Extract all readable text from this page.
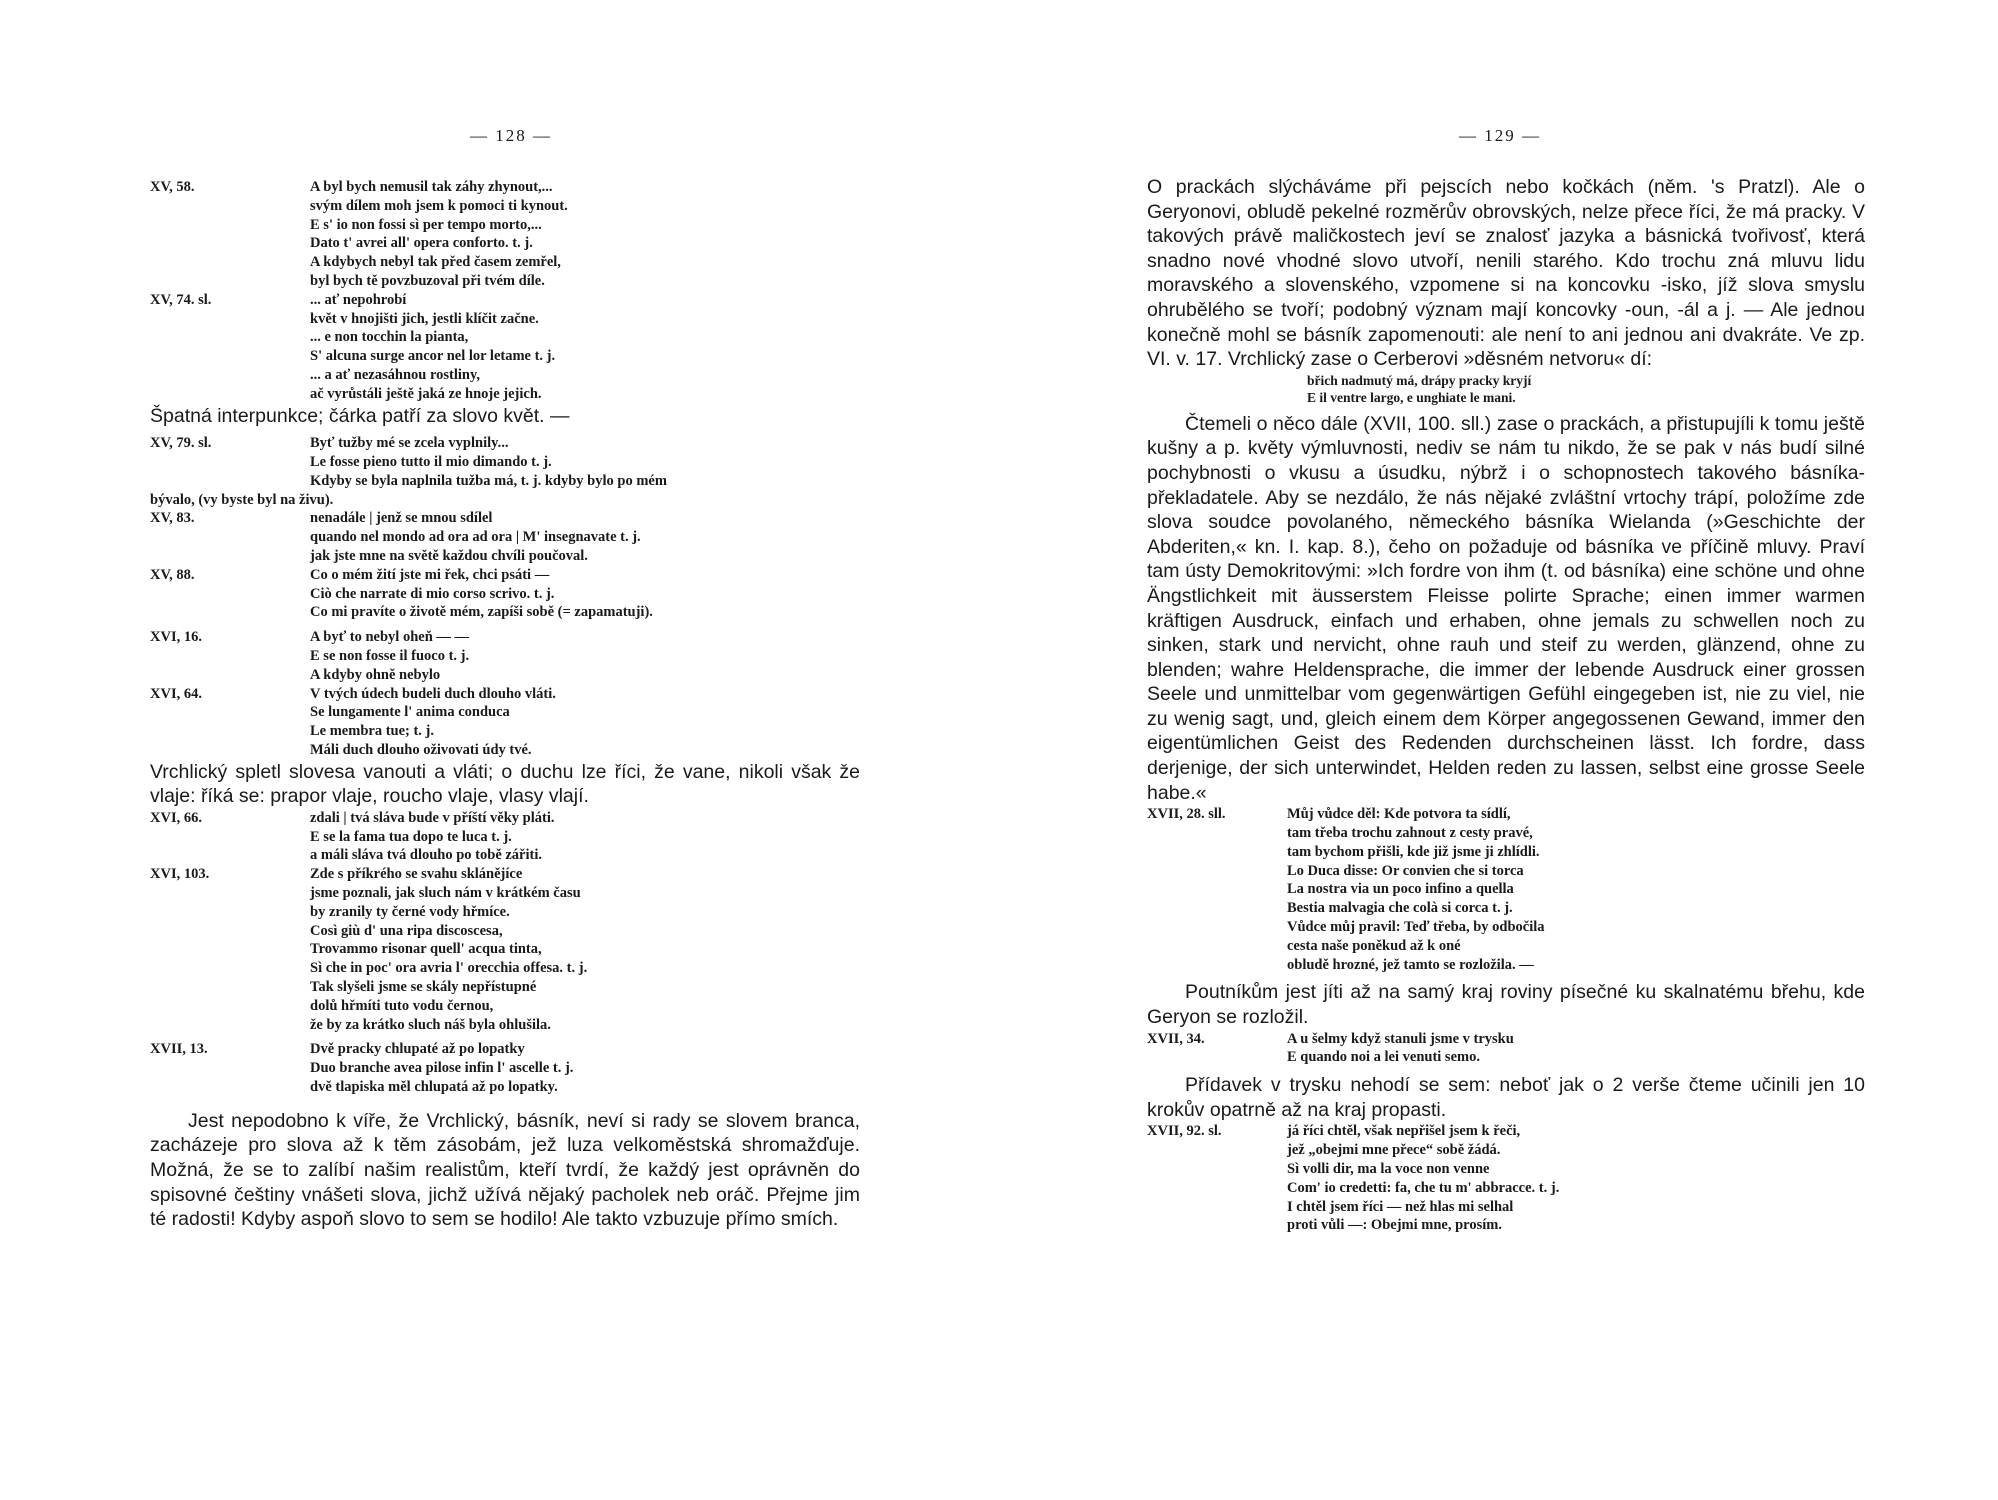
— 128 —
XV, 58.	A byl bych nemusil tak záhy zhynout,...
svým dílem moh jsem k pomoci ti kynout.
E s' io non fossi sì per tempo morto,...
Dato t' avrei all' opera conforto. t. j.
A kdybych nebyl tak před časem zemřel,
byl bych tě povzbuzoval při tvém díle.
XV, 74. sl.	... ať nepohrobí
květ v hnojišti jich, jestli klíčit začne.
... e non tocchin la pianta,
S' alcuna surge ancor nel lor letame t. j.
... a ať nezasáhnou rostliny,
ač vyrůstáli ještě jaká ze hnoje jejich.

Špatná interpunkce; čárka patří za slovo květ. —

XV, 79. sl.	Byť tužby mé se zcela vyplnily...
Le fosse pieno tutto il mio dimando t. j.
Kdyby se byla naplnila tužba má, t. j. kdyby bylo po mém
bývalo, (vy byste byl na živu).
XV, 83.	nenadále | jenž se mnou sdílel
quando nel mondo ad ora ad ora | M' insegnavate t. j.
jak jste mne na světě každou chvíli poučoval.
XV, 88.	Co o mém žití jste mi řek, chci psáti —
Ciò che narrate di mio corso scrivo. t. j.
Co mi pravíte o životě mém, zapíši sobě (= zapamatuji).
XVI, 16.	A byť to nebyl oheň — —
E se non fosse il fuoco t. j.
A kdyby ohně nebylo
XVI, 64.	V tvých údech budeli duch dlouho vláti.
Se lungamente l' anima conduca
Le membra tue; t. j.
Máli duch dlouho oživovati údy tvé.

Vrchlický spletl slovesa vanouti a vláti; o duchu lze říci, že vane, nikoli však že vlaje: říká se: prapor vlaje, roucho vlaje, vlasy vlají.

XVI, 66.	zdali | tvá sláva bude v příští věky pláti.
E se la fama tua dopo te luca t. j.
a máli sláva tvá dlouho po tobě zářiti.
XVI, 103.	Zde s příkrého se svahu sklánějíce
jsme poznali, jak sluch nám v krátkém času
by zranily ty černé vody hřmíce.
Così giù d' una ripa discoscesa,
Trovammo risonar quell' acqua tinta,
Sì che in poc' ora avria l' orecchia offesa. t. j.
Tak slyšeli jsme se skály nepřístupné
dolů hřmíti tuto vodu černou,
že by za krátko sluch náš byla ohlušila.
XVII, 13.	Dvě pracky chlupaté až po lopatky
Duo branche avea pilose infin l' ascelle t. j.
dvě tlapiska měl chlupatá až po lopatky.

Jest nepodobno k víře, že Vrchlický, básník, neví si rady se slovem branca, zacházeje pro slova až k těm zásobám, jež luza velkoměstská shromažďuje. Možná, že se to zalíbí našim realistům, kteří tvrdí, že každý jest oprávněn do spisovné češtiny vnášeti slova, jichž užívá nějaký pacholek neb oráč. Přejme jim té radosti! Kdyby aspoň slovo to sem se hodilo! Ale takto vzbuzuje přímo smích.

— 129 —

O prackách slýcháváme při pejscích nebo kočkách (něm. 's Pratzl). Ale o Geryonovi, obludě pekelné rozměrův obrovských, nelze přece říci, že má pracky. V takových právě maličkostech jeví se znalosť jazyka a básnická tvořivosť, která snadno nové vhodné slovo utvoří, nenili starého. Kdo trochu zná mluvu lidu moravského a slovenského, vzpomene si na koncovku -isko, jíž slova smyslu ohrubělého se tvoří; podobný význam mají koncovky -oun, -ál a j. — Ale jednou konečně mohl se básník zapomenouti: ale není to ani jednou ani dvakráte. Ve zp. VI. v. 17. Vrchlický zase o Cerberovi »děsném netvoru« dí:

břich nadmutý má, drápy pracky kryjí
E il ventre largo, e unghiate le mani.

Čtemeli o něco dále (XVII, 100. sll.) zase o prackách, a přistupujíli k tomu ještě kušny a p. květy výmluvnosti, nediv se nám tu nikdo, že se pak v nás budí silné pochybnosti o vkusu a úsudku, nýbrž i o schopnostech takového básníka-překladatele. Aby se nezdálo, že nás nějaké zvláštní vrtochy trápí, položíme zde slova soudce povolaného, německého básníka Wielanda (»Geschichte der Abderiten,« kn. I. kap. 8.), čeho on požaduje od básníka ve příčině mluvy. Praví tam ústy Demokritovými: »Ich fordre von ihm (t. od básníka) eine schöne und ohne Ängstlichkeit mit äusserstem Fleisse polirte Sprache; einen immer warmen kräftigen Ausdruck, einfach und erhaben, ohne jemals zu schwellen noch zu sinken, stark und nervicht, ohne rauh und steif zu werden, glänzend, ohne zu blenden; wahre Heldensprache, die immer der lebende Ausdruck einer grossen Seele und unmittelbar vom gegenwärtigen Gefühl eingegeben ist, nie zu viel, nie zu wenig sagt, und, gleich einem dem Körper angegossenen Gewand, immer den eigentümlichen Geist des Redenden durchscheinen lässt. Ich fordre, dass derjenige, der sich unterwindet, Helden reden zu lassen, selbst eine grosse Seele habe.«

XVII, 28. sll.	Můj vůdce děl: Kde potvora ta sídlí,
tam třeba trochu zahnout z cesty pravé,
tam bychom přišli, kde již jsme ji zhlídli.
Lo Duca disse: Or convien che si torca
La nostra via un poco infino a quella
Bestia malvagia che colà si corca t. j.
Vůdce můj pravil: Teď třeba, by odbočila
cesta naše poněkud až k oné
obludě hrozné, jež tamto se rozložila. —

Poutníkům jest jíti až na samý kraj roviny písečné ku skalnatému břehu, kde Geryon se rozložil.

XVII, 34.	A u šelmy když stanuli jsme v trysku
E quando noi a lei venuti semo.

Přídavek v trysku nehodí se sem: neboť jak o 2 verše čteme učinili jen 10 krokův opatrně až na kraj propasti.

XVII, 92. sl.	já říci chtěl, však nepřišel jsem k řeči,
jež „obejmi mne přece“ sobě žádá.
Sì volli dir, ma la voce non venne
Com' io credetti: fa, che tu m' abbracce. t. j.
I chtěl jsem říci — než hlas mi selhal
proti vůli —: Obejmi mne, prosím.
